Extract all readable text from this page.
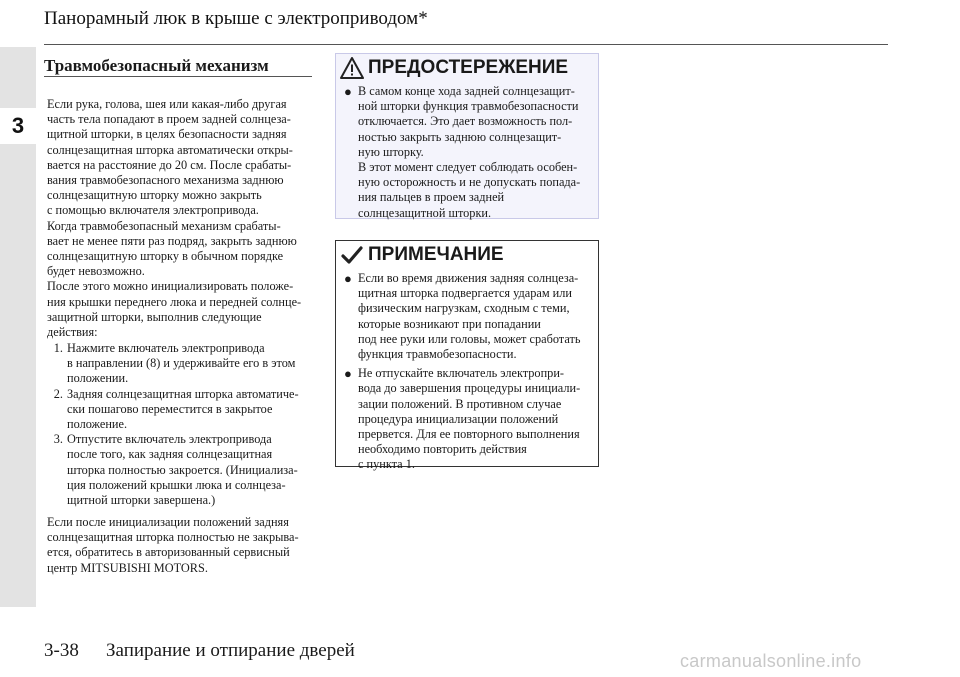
3
Панорамный люк в крыше с электроприводом*
Травмобезопасный механизм

Если рука, голова, шея или какая-либо другая
часть тела попадают в проем задней солнцеза-
щитной шторки, в целях безопасности задняя
солнцезащитная шторка автоматически откры-
вается на расстояние до 20 см. После срабаты-
вания травмобезопасного механизма заднюю
солнцезащитную шторку можно закрыть
с помощью включателя электропривода.
Когда травмобезопасный механизм срабаты-
вает не менее пяти раз подряд, закрыть заднюю
солнцезащитную шторку в обычном порядке
будет невозможно.
После этого можно инициализировать положе-
ния крышки переднего люка и передней солнце-
защитной шторки, выполнив следующие
действия:

1. Нажмите включатель электропривода
в направлении (8) и удерживайте его в этом
положении.
2. Задняя солнцезащитная шторка автоматиче-
ски пошагово переместится в закрытое
положение.
3. Отпустите включатель электропривода
после того, как задняя солнцезащитная
шторка полностью закроется. (Инициализа-
ция положений крышки люка и солнцеза-
щитной шторки завершена.)

Если после инициализации положений задняя
солнцезащитная шторка полностью не закрыва-
ется, обратитесь в авторизованный сервисный
центр MITSUBISHI MOTORS.

ПРЕДОСТЕРЕЖЕНИЕ
● В самом конце хода задней солнцезащит-
ной шторки функция травмобезопасности
отключается. Это дает возможность пол-
ностью закрыть заднюю солнцезащит-
ную шторку.
В этот момент следует соблюдать особен-
ную осторожность и не допускать попада-
ния пальцев в проем задней
солнцезащитной шторки.
ПРИМЕЧАНИЕ
● Если во время движения задняя солнцеза-
щитная шторка подвергается ударам или
физическим нагрузкам, сходным с теми,
которые возникают при попадании
под нее руки или головы, может сработать
функция травмобезопасности.
● Не отпускайте включатель электропри-
вода до завершения процедуры инициали-
зации положений. В противном случае
процедура инициализации положений
прервется. Для ее повторного выполнения
необходимо повторить действия
с пункта 1.
3-38 Запирание и отпирание дверей	carmanualsonline.info
